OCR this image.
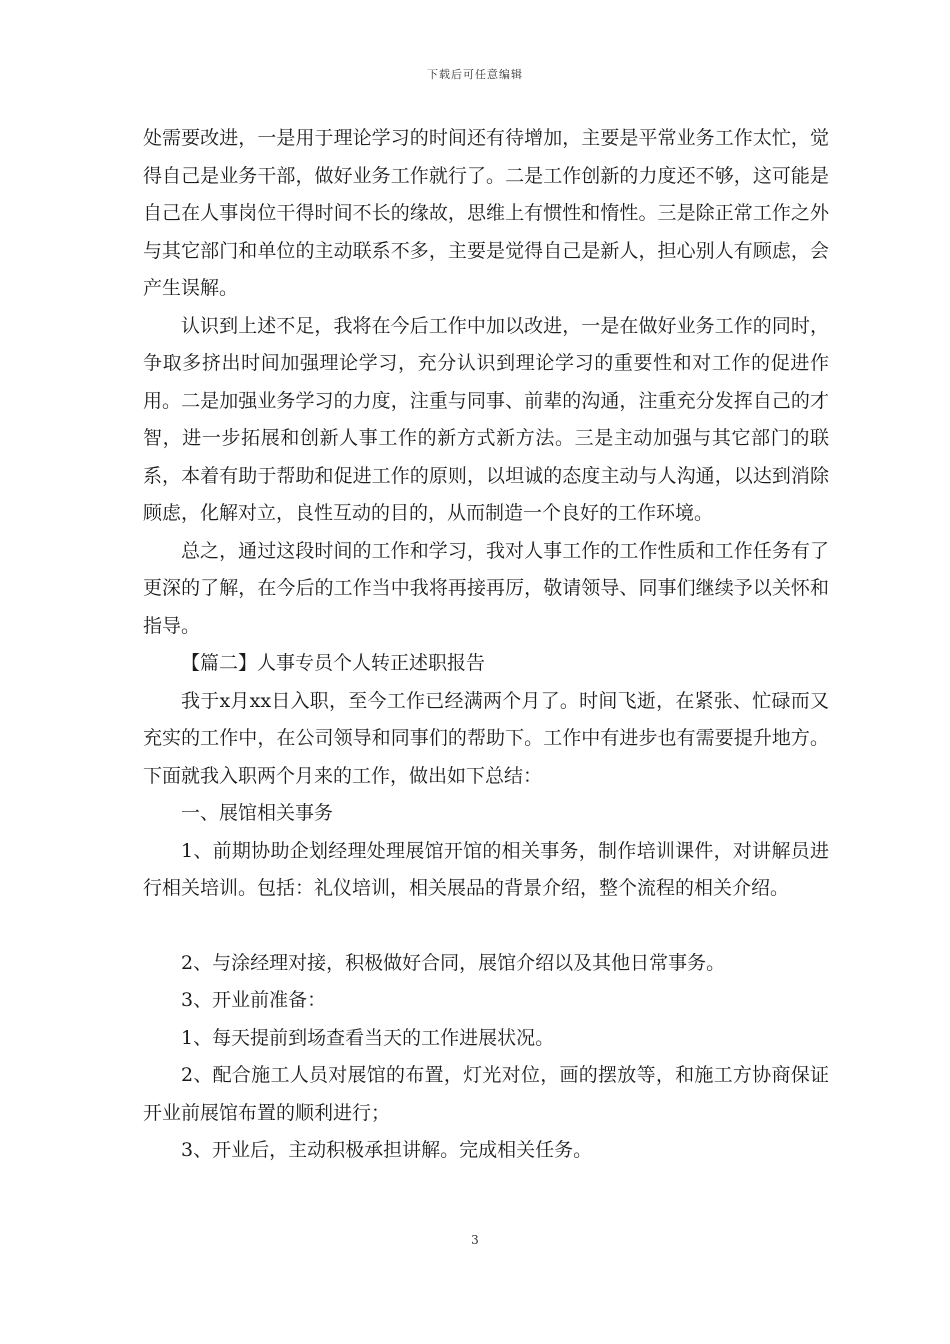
下载后可任意编辑

处需要改进，一是用于理论学习的时间还有待增加，主要是平常业务工作太忙，觉得自己是业务干部，做好业务工作就行了。二是工作创新的力度还不够，这可能是自己在人事岗位干得时间不长的缘故，思维上有惯性和惰性。三是除正常工作之外与其它部门和单位的主动联系不多，主要是觉得自己是新人，担心别人有顾虑，会产生误解。

认识到上述不足，我将在今后工作中加以改进，一是在做好业务工作的同时，争取多挤出时间加强理论学习，充分认识到理论学习的重要性和对工作的促进作用。二是加强业务学习的力度，注重与同事、前辈的沟通，注重充分发挥自己的才智，进一步拓展和创新人事工作的新方式新方法。三是主动加强与其它部门的联系，本着有助于帮助和促进工作的原则，以坦诚的态度主动与人沟通，以达到消除顾虑，化解对立，良性互动的目的，从而制造一个良好的工作环境。

总之，通过这段时间的工作和学习，我对人事工作的工作性质和工作任务有了更深的了解，在今后的工作当中我将再接再厉，敬请领导、同事们继续予以关怀和指导。

【篇二】人事专员个人转正述职报告

我于x月xx日入职，至今工作已经满两个月了。时间飞逝，在紧张、忙碌而又充实的工作中，在公司领导和同事们的帮助下。工作中有进步也有需要提升地方。下面就我入职两个月来的工作，做出如下总结：

一、展馆相关事务

1、前期协助企划经理处理展馆开馆的相关事务，制作培训课件，对讲解员进行相关培训。包括：礼仪培训，相关展品的背景介绍，整个流程的相关介绍。

2、与涂经理对接，积极做好合同，展馆介绍以及其他日常事务。

3、开业前准备：

1、每天提前到场查看当天的工作进展状况。

2、配合施工人员对展馆的布置，灯光对位，画的摆放等，和施工方协商保证开业前展馆布置的顺利进行；

3、开业后，主动积极承担讲解。完成相关任务。

3
